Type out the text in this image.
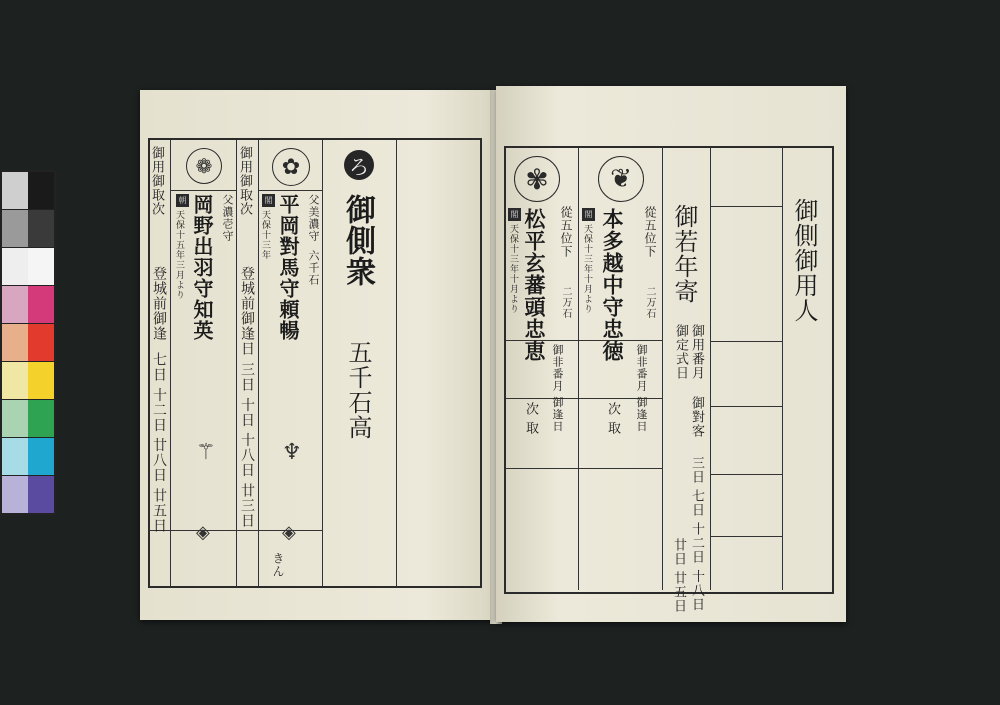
御用御取次	❁
父濃壱守
朝
天保十五年三月より 岡野出羽守知英
登城前御逢
七日 十二日 廿八日 廿五日 ⚚
◈
御用御取次	✿
父美濃守
六千石
閣
天保十三年 平岡對馬守頼暢
登城前御逢日
三日 十日 十八日 廿三日 ♆
◈
きん
ろ
御側衆
五千石高
御側御用人
御若年寄
御用番月
御對客
御定式日
三日 七日 十二日 十八日
廿日 廿五日
❦
從五位下
閣
天保十三年十月より 本多越中守忠徳 二万石
御非番月 御逢日
次 取
✾
從五位下
閣
天保十三年十月より 松平玄蕃頭忠恵 二万石
御非番月 御逢日
次 取
